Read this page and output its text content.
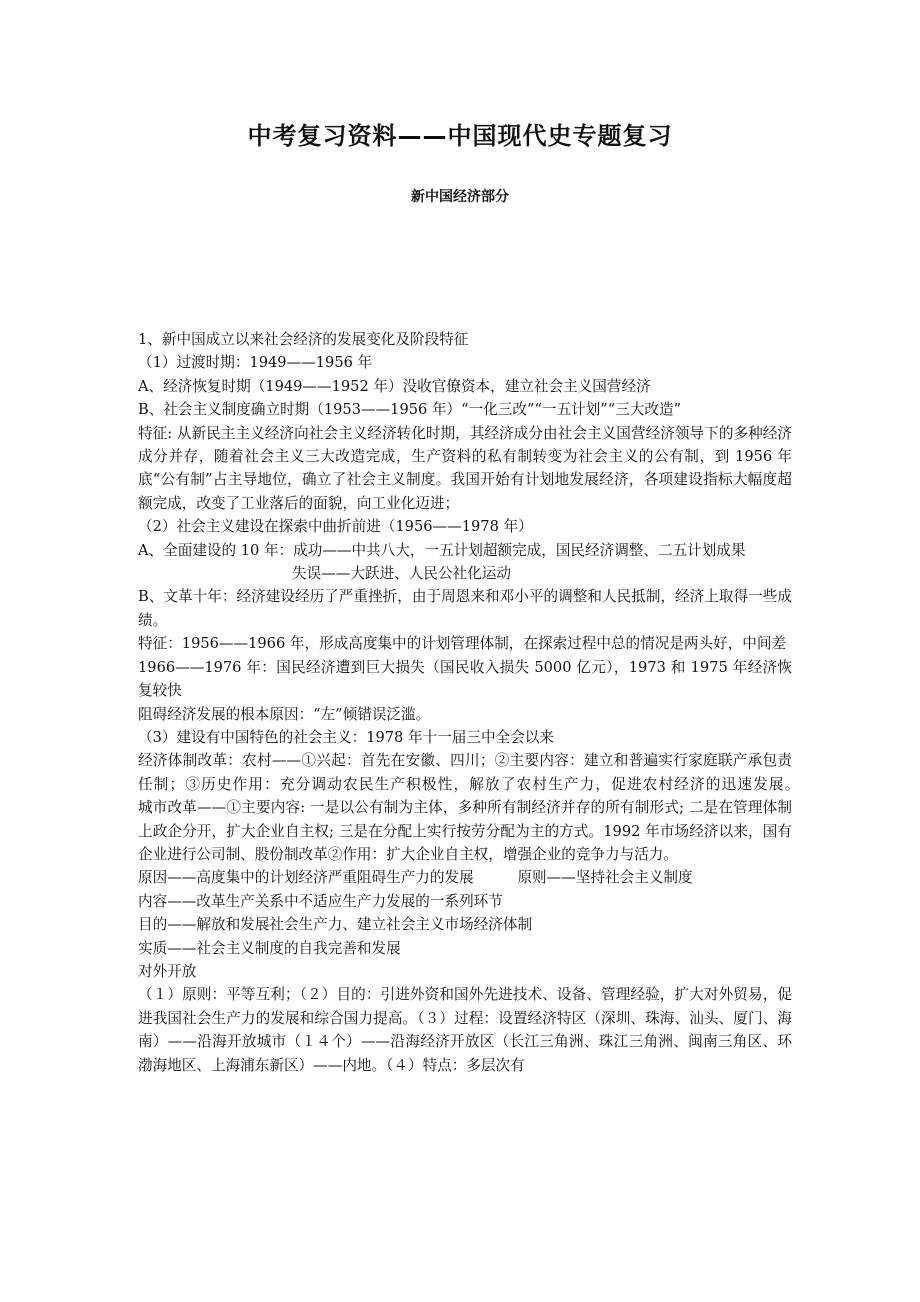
中考复习资料——中国现代史专题复习
新中国经济部分

1、新中国成立以来社会经济的发展变化及阶段特征

（1）过渡时期：1949——1956 年

A、经济恢复时期（1949——1952 年）没收官僚资本，建立社会主义国营经济

B、社会主义制度确立时期（1953——1956 年）“一化三改”“一五计划”“三大改造”

特征: 从新民主主义经济向社会主义经济转化时期，其经济成分由社会主义国营经济领导下的多种经济成分并存，随着社会主义三大改造完成，生产资料的私有制转变为社会主义的公有制，到 1956 年底“公有制”占主导地位，确立了社会主义制度。我国开始有计划地发展经济，各项建设指标大幅度超额完成，改变了工业落后的面貌，向工业化迈进；

（2）社会主义建设在探索中曲折前进（1956——1978 年）

A、全面建设的 10 年：成功——中共八大，一五计划超额完成，国民经济调整、二五计划成果

失误——大跃进、人民公社化运动

B、文革十年：经济建设经历了严重挫折，由于周恩来和邓小平的调整和人民抵制，经济上取得一些成绩。

特征：1956——1966 年，形成高度集中的计划管理体制，在探索过程中总的情况是两头好，中间差

1966——1976 年：国民经济遭到巨大损失（国民收入损失 5000 亿元），1973 和 1975 年经济恢复较快

阻碍经济发展的根本原因：“左”倾错误泛滥。

（3）建设有中国特色的社会主义：1978 年十一届三中全会以来

经济体制改革：农村——①兴起：首先在安徽、四川；②主要内容：建立和普遍实行家庭联产承包责任制；③历史作用：充分调动农民生产积极性，解放了农村生产力，促进农村经济的迅速发展。　　　　城市改革——①主要内容: 一是以公有制为主体，多种所有制经济并存的所有制形式; 二是在管理体制上政企分开，扩大企业自主权; 三是在分配上实行按劳分配为主的方式。1992 年市场经济以来，国有企业进行公司制、股份制改革②作用：扩大企业自主权，增强企业的竞争力与活力。

原因——高度集中的计划经济严重阻碍生产力的发展　　　原则——坚持社会主义制度

内容——改革生产关系中不适应生产力发展的一系列环节

目的——解放和发展社会生产力、建立社会主义市场经济体制

实质——社会主义制度的自我完善和发展

对外开放

（１）原则：平等互利；（２）目的：引进外资和国外先进技术、设备、管理经验，扩大对外贸易，促进我国社会生产力的发展和综合国力提高。（３）过程：设置经济特区（深圳、珠海、汕头、厦门、海南）——沿海开放城市（１４个）——沿海经济开放区（长江三角洲、珠江三角洲、闽南三角区、环渤海地区、上海浦东新区）——内地。（４）特点：多层次有
